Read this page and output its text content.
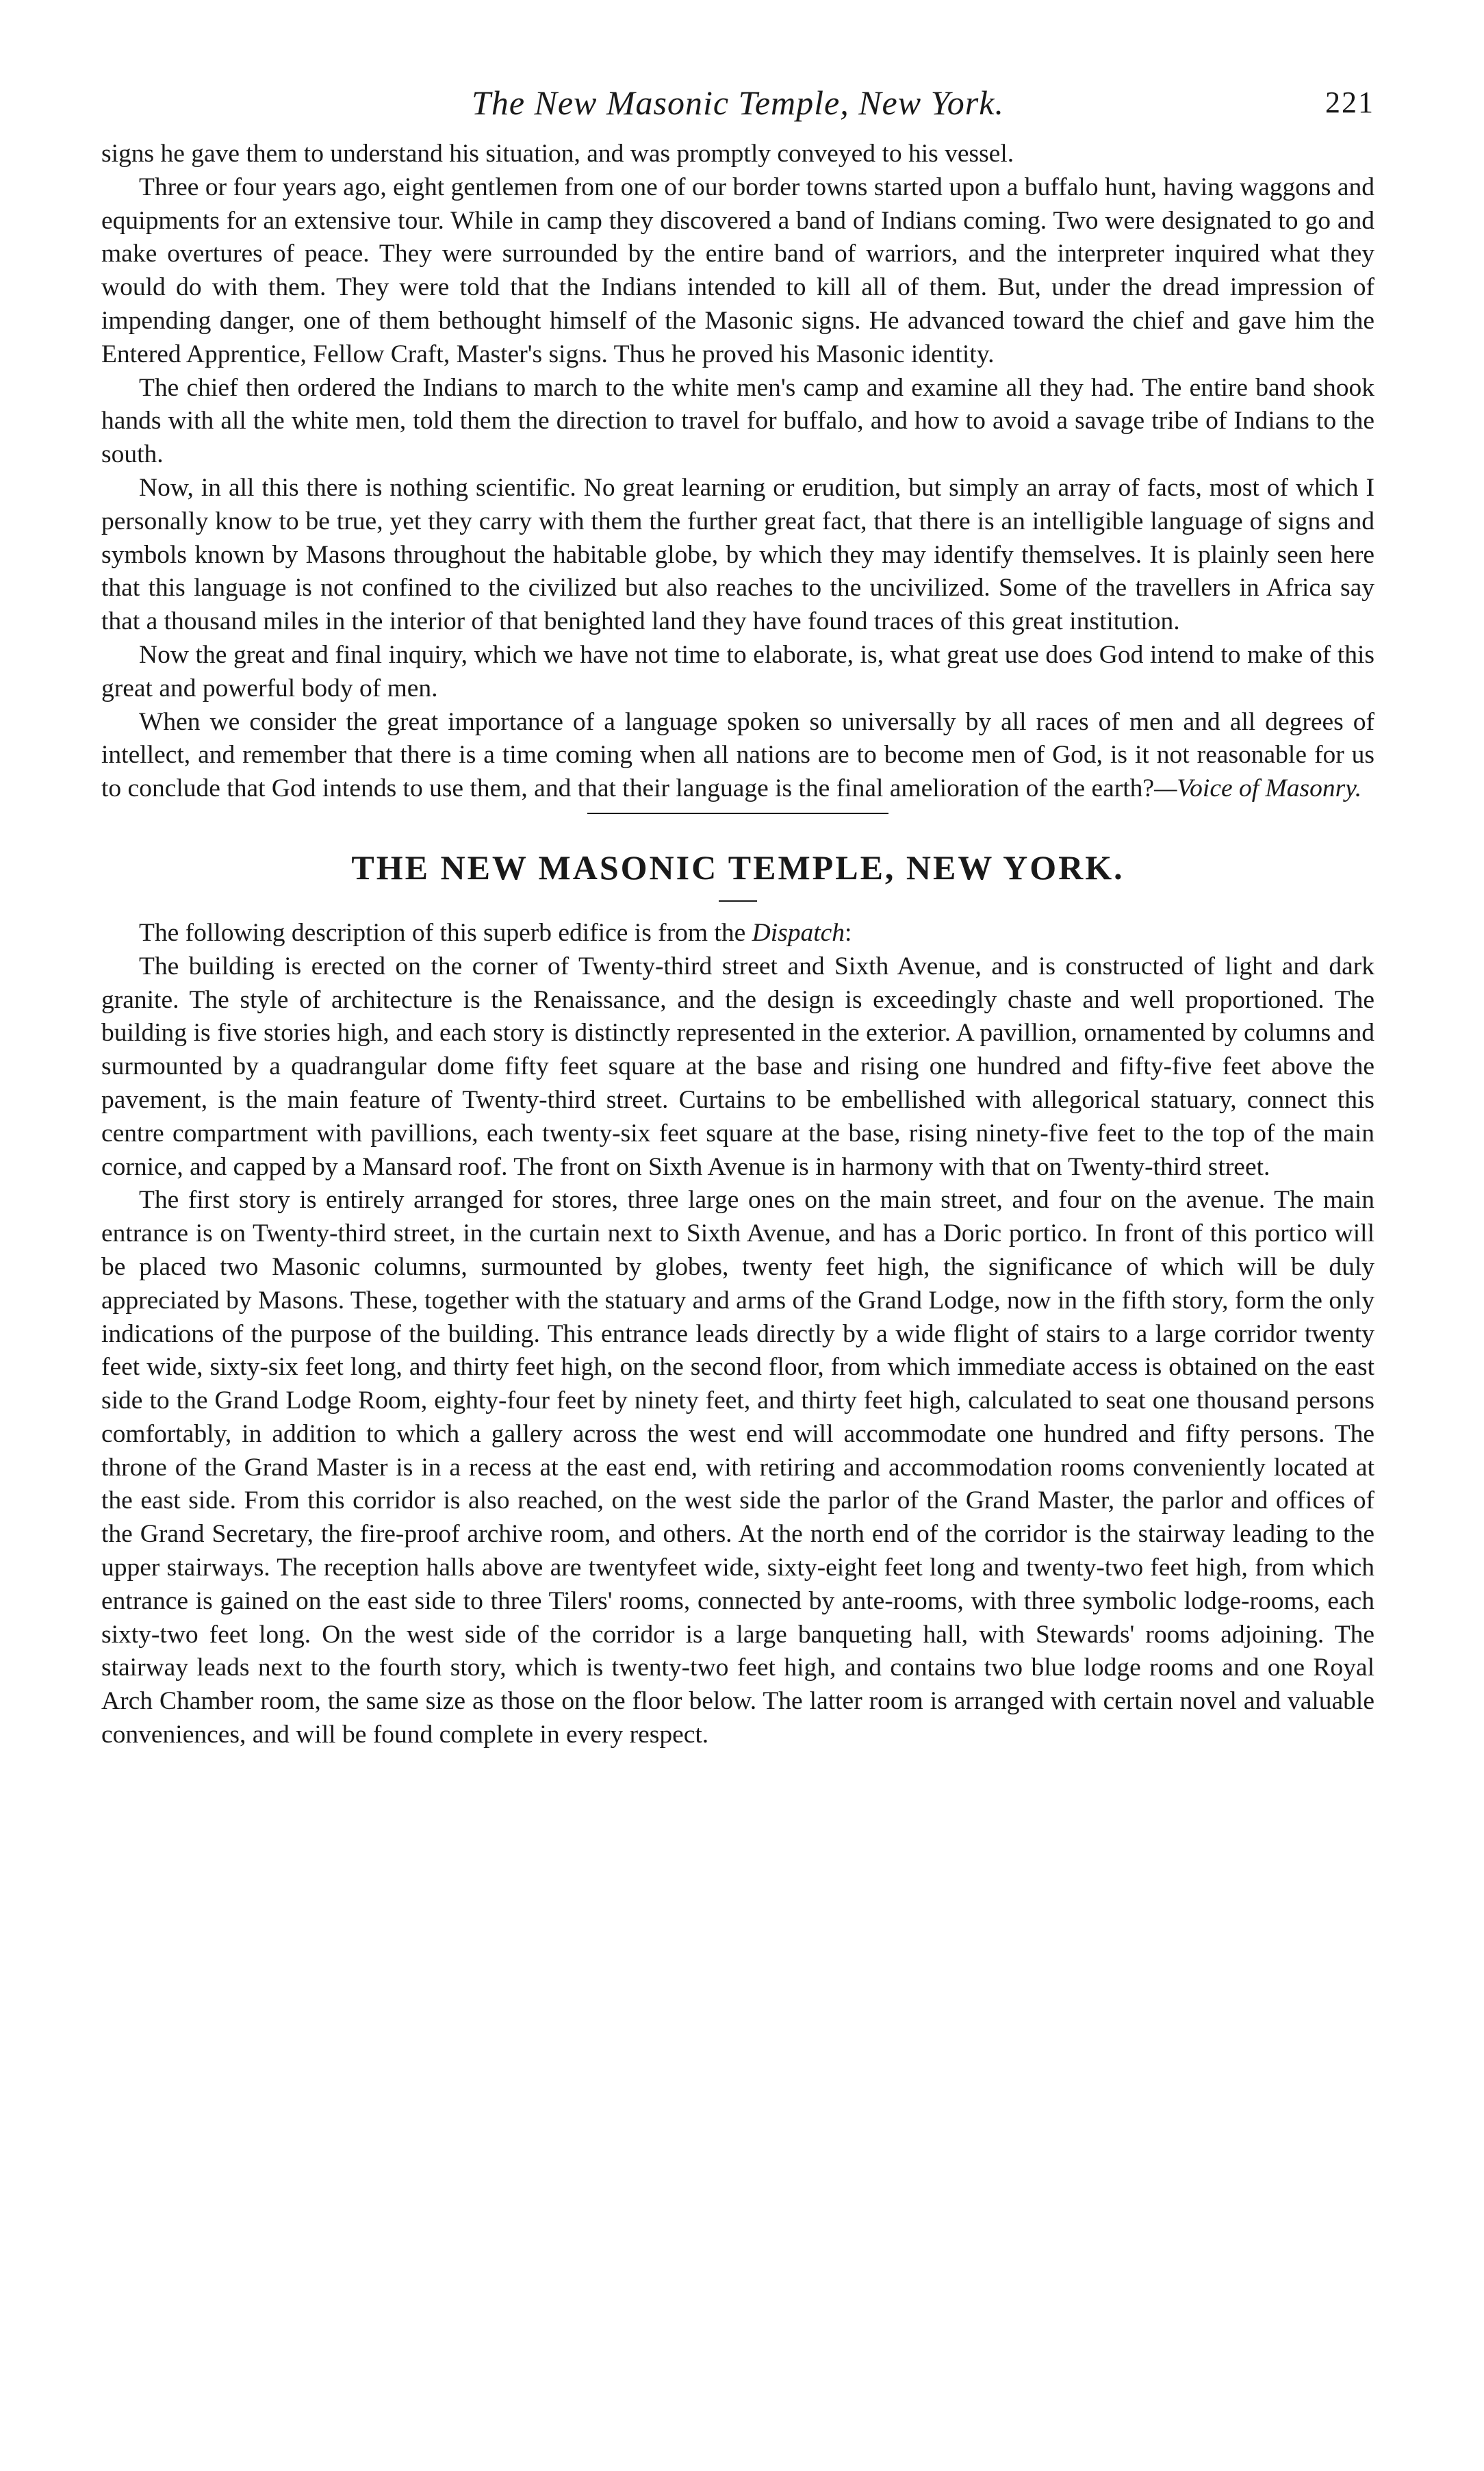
The New Masonic Temple, New York.	221

signs he gave them to understand his situation, and was promptly conveyed to his vessel.

Three or four years ago, eight gentlemen from one of our border towns started upon a buffalo hunt, having waggons and equipments for an extensive tour. While in camp they discovered a band of Indians coming. Two were designated to go and make overtures of peace. They were surrounded by the entire band of warriors, and the interpreter inquired what they would do with them. They were told that the Indians intended to kill all of them. But, under the dread impression of impending danger, one of them bethought himself of the Masonic signs. He advanced toward the chief and gave him the Entered Apprentice, Fellow Craft, Master's signs. Thus he proved his Masonic identity.

The chief then ordered the Indians to march to the white men's camp and examine all they had. The entire band shook hands with all the white men, told them the direction to travel for buffalo, and how to avoid a savage tribe of Indians to the south.

Now, in all this there is nothing scientific. No great learning or erudition, but simply an array of facts, most of which I personally know to be true, yet they carry with them the further great fact, that there is an intelligible language of signs and symbols known by Masons throughout the habitable globe, by which they may identify themselves. It is plainly seen here that this language is not confined to the civilized but also reaches to the uncivilized. Some of the travellers in Africa say that a thousand miles in the interior of that benighted land they have found traces of this great institution.

Now the great and final inquiry, which we have not time to elaborate, is, what great use does God intend to make of this great and powerful body of men.

When we consider the great importance of a language spoken so universally by all races of men and all degrees of intellect, and remember that there is a time coming when all nations are to become men of God, is it not reasonable for us to conclude that God intends to use them, and that their language is the final amelioration of the earth?—Voice of Masonry.

THE NEW MASONIC TEMPLE, NEW YORK.

The following description of this superb edifice is from the Dispatch:

The building is erected on the corner of Twenty-third street and Sixth Avenue, and is constructed of light and dark granite. The style of architecture is the Renaissance, and the design is exceedingly chaste and well proportioned. The building is five stories high, and each story is distinctly represented in the exterior. A pavillion, ornamented by columns and surmounted by a quadrangular dome fifty feet square at the base and rising one hundred and fifty-five feet above the pavement, is the main feature of Twenty-third street. Curtains to be embellished with allegorical statuary, connect this centre compartment with pavillions, each twenty-six feet square at the base, rising ninety-five feet to the top of the main cornice, and capped by a Mansard roof. The front on Sixth Avenue is in harmony with that on Twenty-third street.

The first story is entirely arranged for stores, three large ones on the main street, and four on the avenue. The main entrance is on Twenty-third street, in the curtain next to Sixth Avenue, and has a Doric portico. In front of this portico will be placed two Masonic columns, surmounted by globes, twenty feet high, the significance of which will be duly appreciated by Masons. These, together with the statuary and arms of the Grand Lodge, now in the fifth story, form the only indications of the purpose of the building. This entrance leads directly by a wide flight of stairs to a large corridor twenty feet wide, sixty-six feet long, and thirty feet high, on the second floor, from which immediate access is obtained on the east side to the Grand Lodge Room, eighty-four feet by ninety feet, and thirty feet high, calculated to seat one thousand persons comfortably, in addition to which a gallery across the west end will accommodate one hundred and fifty persons. The throne of the Grand Master is in a recess at the east end, with retiring and accommodation rooms conveniently located at the east side. From this corridor is also reached, on the west side the parlor of the Grand Master, the parlor and offices of the Grand Secretary, the fire-proof archive room, and others. At the north end of the corridor is the stairway leading to the upper stairways. The reception halls above are twentyfeet wide, sixty-eight feet long and twenty-two feet high, from which entrance is gained on the east side to three Tilers' rooms, connected by ante-rooms, with three symbolic lodge-rooms, each sixty-two feet long. On the west side of the corridor is a large banqueting hall, with Stewards' rooms adjoining. The stairway leads next to the fourth story, which is twenty-two feet high, and contains two blue lodge rooms and one Royal Arch Chamber room, the same size as those on the floor below. The latter room is arranged with certain novel and valuable conveniences, and will be found complete in every respect.
